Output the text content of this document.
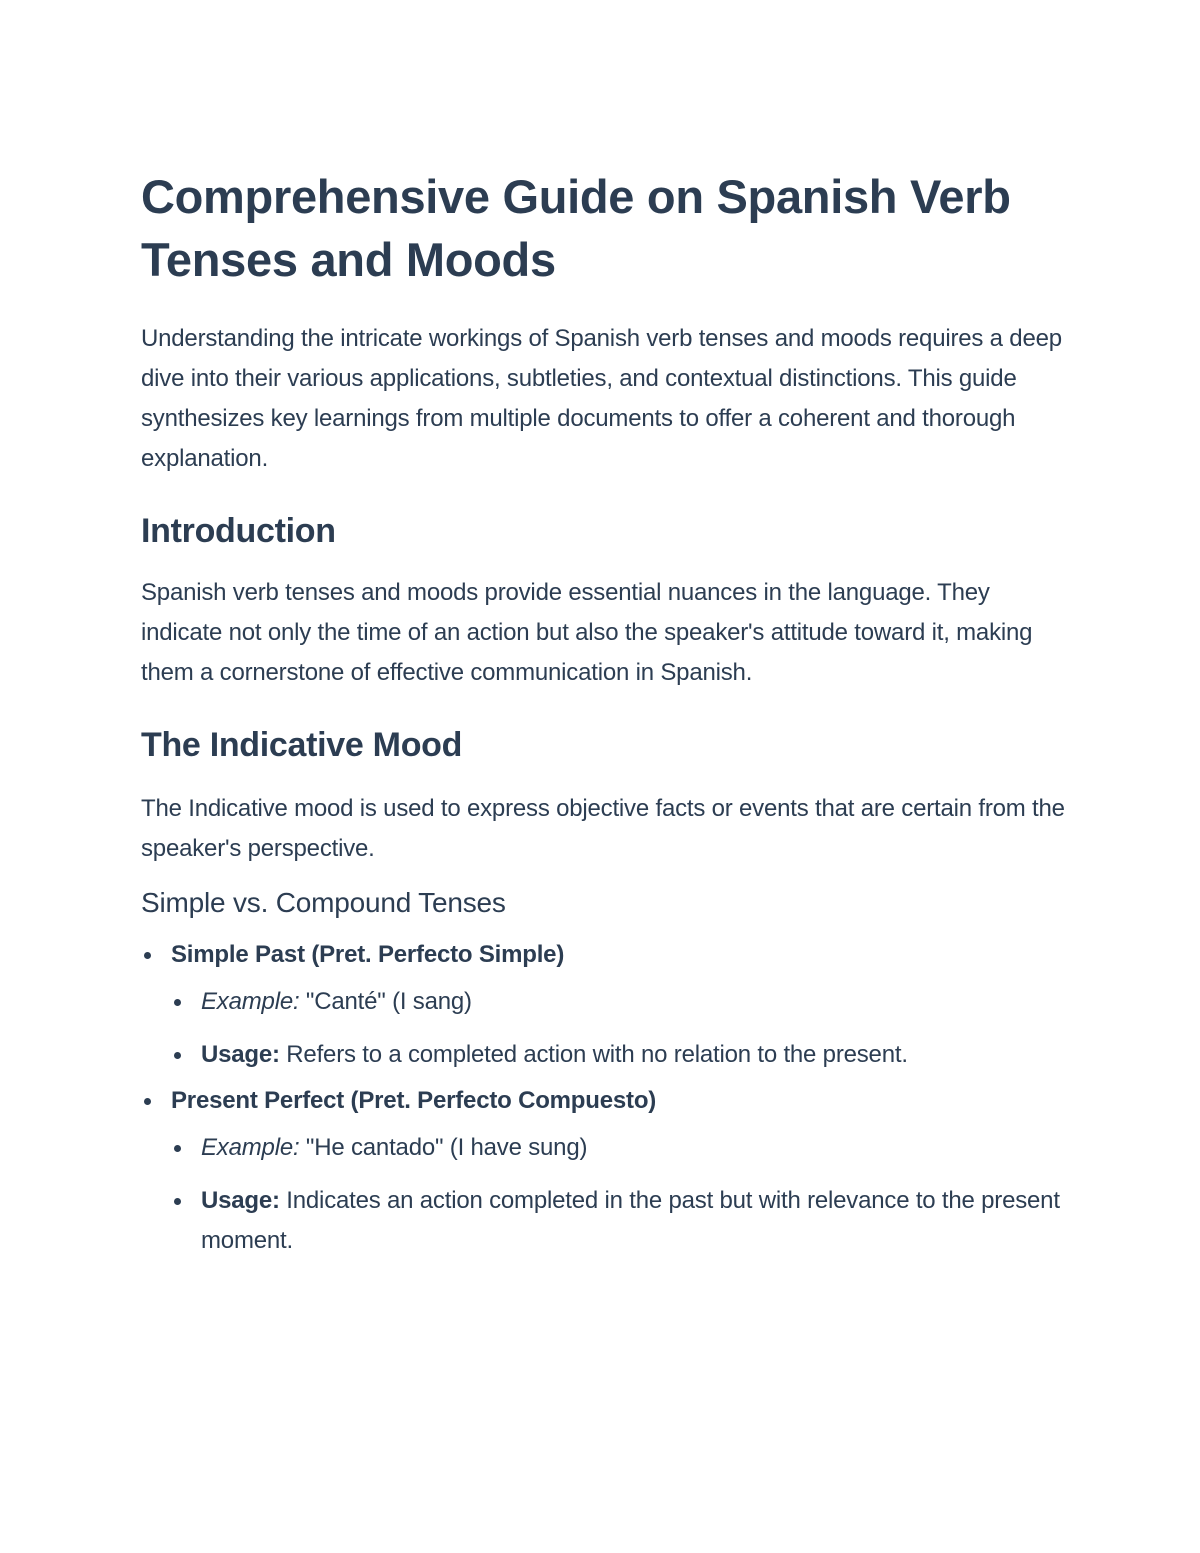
Comprehensive Guide on Spanish Verb Tenses and Moods

Understanding the intricate workings of Spanish verb tenses and moods requires a deep dive into their various applications, subtleties, and contextual distinctions. This guide synthesizes key learnings from multiple documents to offer a coherent and thorough explanation.

Introduction

Spanish verb tenses and moods provide essential nuances in the language. They indicate not only the time of an action but also the speaker's attitude toward it, making them a cornerstone of effective communication in Spanish.

The Indicative Mood

The Indicative mood is used to express objective facts or events that are certain from the speaker's perspective.

Simple vs. Compound Tenses
Simple Past (Pret. Perfecto Simple)
Example: "Canté" (I sang)
Usage: Refers to a completed action with no relation to the present.
Present Perfect (Pret. Perfecto Compuesto)
Example: "He cantado" (I have sung)
Usage: Indicates an action completed in the past but with relevance to the present moment.
